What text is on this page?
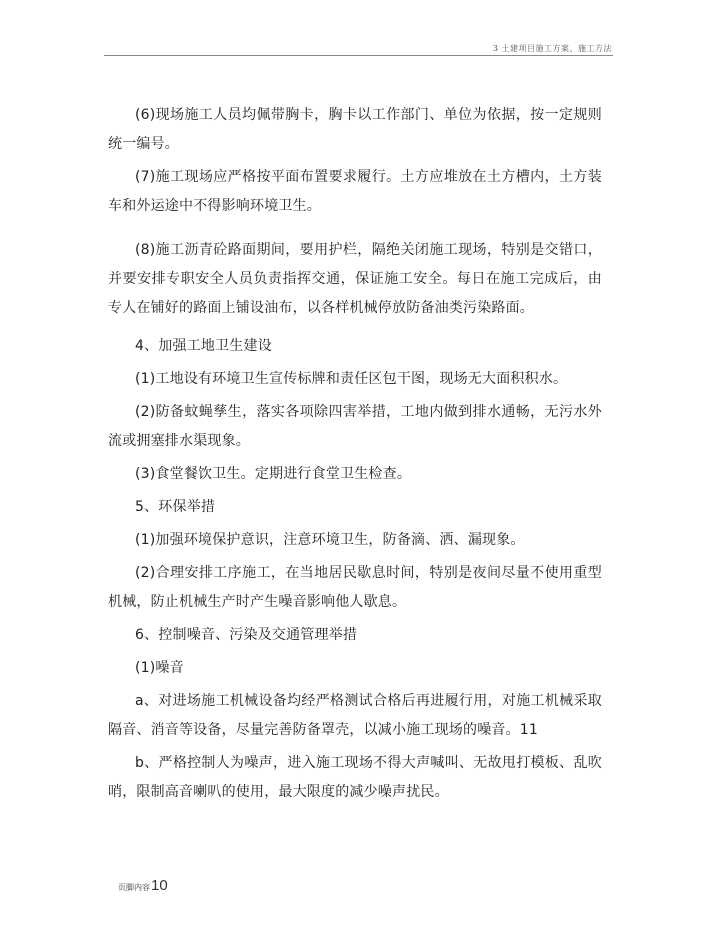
3 土建项目施工方案、施工方法

(6)现场施工人员均佩带胸卡，胸卡以工作部门、单位为依据，按一定规则统一编号。

(7)施工现场应严格按平面布置要求履行。土方应堆放在土方槽内，土方装车和外运途中不得影响环境卫生。

(8)施工沥青砼路面期间，要用护栏，隔绝关闭施工现场，特别是交错口，并要安排专职安全人员负责指挥交通，保证施工安全。每日在施工完成后，由专人在铺好的路面上铺设油布，以各样机械停放防备油类污染路面。

4、加强工地卫生建设

(1)工地设有环境卫生宣传标牌和责任区包干图，现场无大面积积水。

(2)防备蚊蝇孳生，落实各项除四害举措，工地内做到排水通畅，无污水外流或拥塞排水渠现象。

(3)食堂餐饮卫生。定期进行食堂卫生检查。

5、环保举措

(1)加强环境保护意识，注意环境卫生，防备滴、洒、漏现象。

(2)合理安排工序施工，在当地居民歇息时间，特别是夜间尽量不使用重型机械，防止机械生产时产生噪音影响他人歇息。

6、控制噪音、污染及交通管理举措

(1)噪音

a、对进场施工机械设备均经严格测试合格后再进履行用，对施工机械采取隔音、消音等设备，尽量完善防备罩壳，以减小施工现场的噪音。11

b、严格控制人为噪声，进入施工现场不得大声喊叫、无故甩打模板、乱吹哨，限制高音喇叭的使用，最大限度的减少噪声扰民。

页脚内容10
